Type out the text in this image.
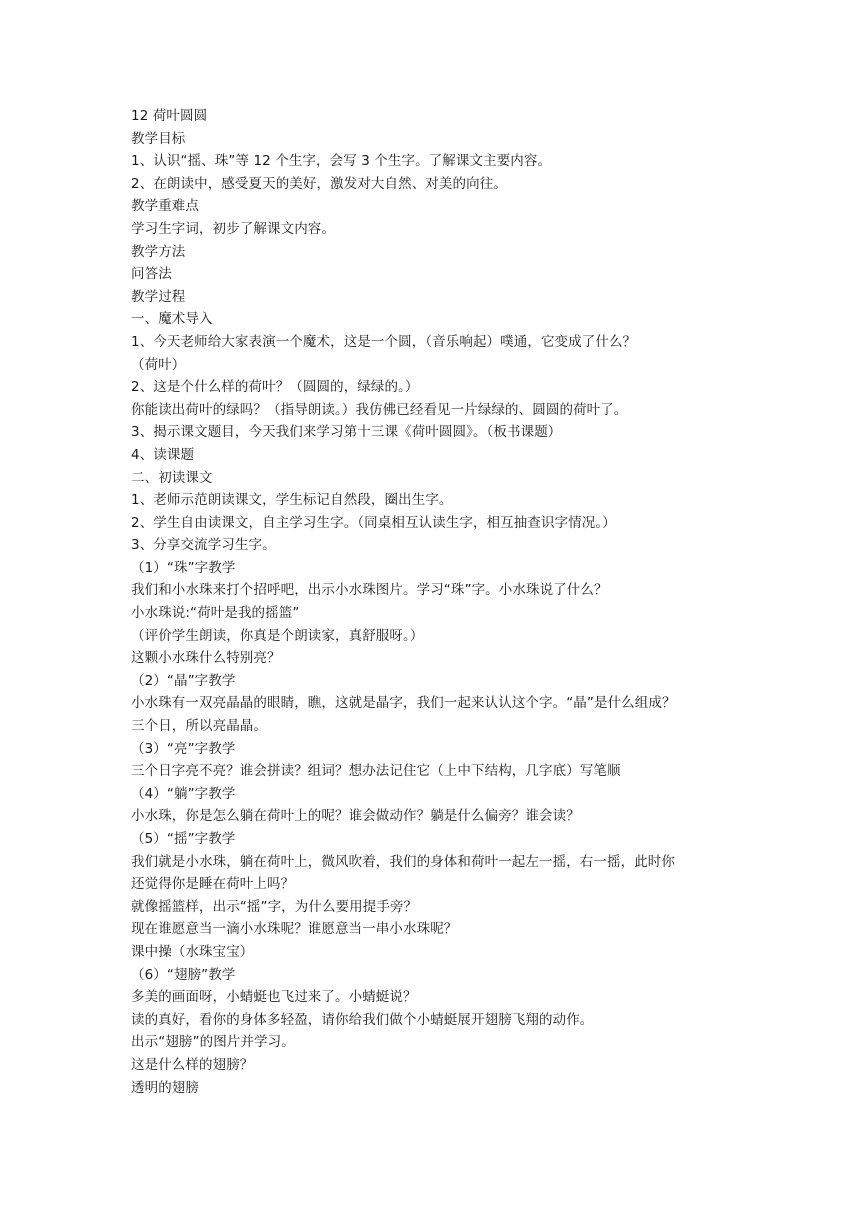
12 荷叶圆圆
教学目标
1、认识“摇、珠”等 12 个生字，会写 3 个生字。了解课文主要内容。
2、在朗读中，感受夏天的美好，激发对大自然、对美的向往。
教学重难点
学习生字词，初步了解课文内容。
教学方法
问答法
教学过程
一、魔术导入
1、今天老师给大家表演一个魔术，这是一个圆，（音乐响起）噗通，它变成了什么？
（荷叶）
2、这是个什么样的荷叶？（圆圆的，绿绿的。）
你能读出荷叶的绿吗？（指导朗读。）我仿佛已经看见一片绿绿的、圆圆的荷叶了。
3、揭示课文题目，今天我们来学习第十三课《荷叶圆圆》。（板书课题）
4、读课题
二、初读课文
1、老师示范朗读课文，学生标记自然段，圈出生字。
2、学生自由读课文，自主学习生字。（同桌相互认读生字，相互抽查识字情况。）
3、分享交流学习生字。
（1）“珠”字教学
我们和小水珠来打个招呼吧，出示小水珠图片。学习“珠”字。小水珠说了什么？
小水珠说:“荷叶是我的摇篮”
（评价学生朗读，你真是个朗读家，真舒服呀。）
这颗小水珠什么特别亮？
（2）“晶”字教学
小水珠有一双亮晶晶的眼睛，瞧，这就是晶字，我们一起来认认这个字。“晶”是什么组成？
三个日，所以亮晶晶。
（3）“亮”字教学
三个日字亮不亮？谁会拼读？组词？想办法记住它（上中下结构，几字底）写笔顺
（4）“躺”字教学
小水珠，你是怎么躺在荷叶上的呢？谁会做动作？躺是什么偏旁？谁会读？
（5）“摇”字教学
我们就是小水珠，躺在荷叶上，微风吹着，我们的身体和荷叶一起左一摇，右一摇，此时你
还觉得你是睡在荷叶上吗？
就像摇篮样，出示“摇”字，为什么要用提手旁？
现在谁愿意当一滴小水珠呢？谁愿意当一串小水珠呢？
课中操（水珠宝宝）
（6）“翅膀”教学
多美的画面呀，小蜻蜓也飞过来了。小蜻蜓说？
读的真好，看你的身体多轻盈，请你给我们做个小蜻蜓展开翅膀飞翔的动作。
出示“翅膀”的图片并学习。
这是什么样的翅膀？
透明的翅膀
